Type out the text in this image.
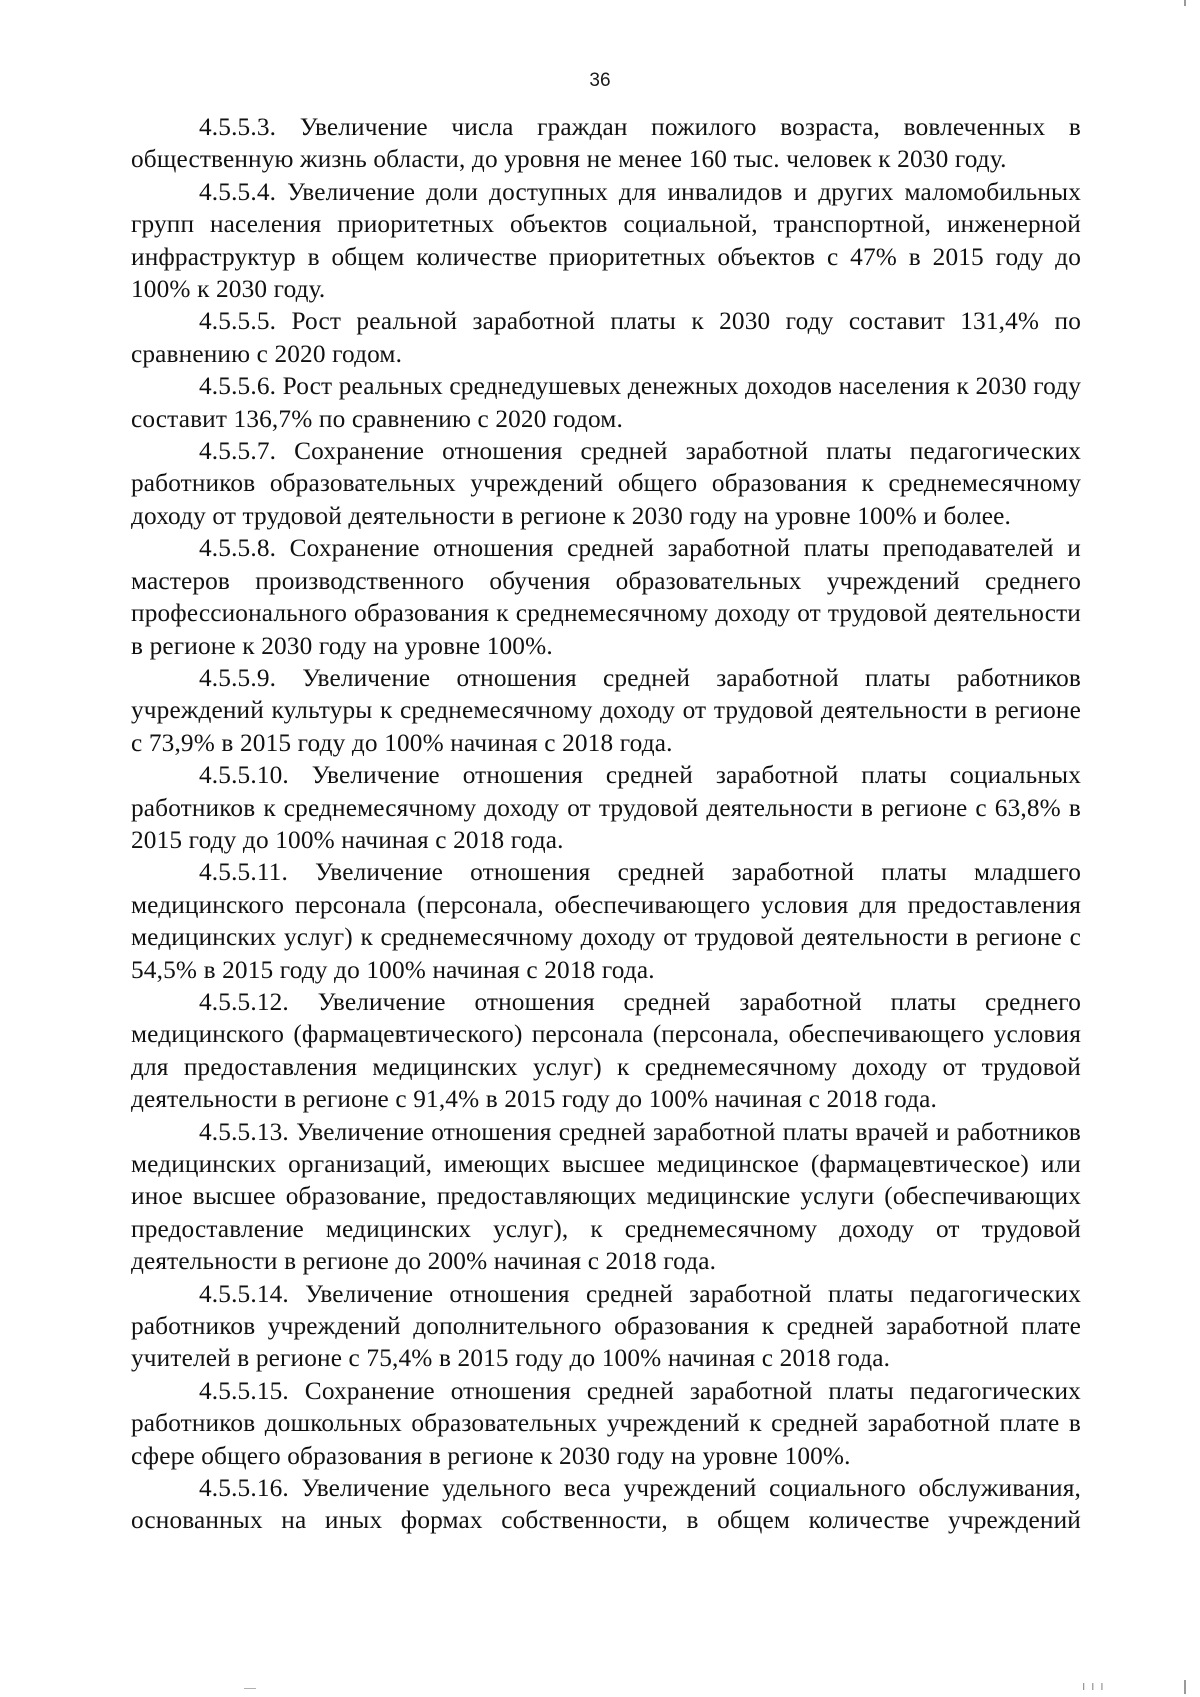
36

4.5.5.3. Увеличение числа граждан пожилого возраста, вовлеченных в общественную жизнь области, до уровня не менее 160 тыс. человек к 2030 году.

4.5.5.4. Увеличение доли доступных для инвалидов и других маломобильных групп населения приоритетных объектов социальной, транспортной, инженерной инфраструктур в общем количестве приоритетных объектов с 47% в 2015 году до 100% к 2030 году.

4.5.5.5. Рост реальной заработной платы к 2030 году составит 131,4% по сравнению с 2020 годом.

4.5.5.6. Рост реальных среднедушевых денежных доходов населения к 2030 году составит 136,7% по сравнению с 2020 годом.

4.5.5.7. Сохранение отношения средней заработной платы педагогических работников образовательных учреждений общего образования к среднемесячному доходу от трудовой деятельности в регионе к 2030 году на уровне 100% и более.

4.5.5.8. Сохранение отношения средней заработной платы преподавателей и мастеров производственного обучения образовательных учреждений среднего профессионального образования к среднемесячному доходу от трудовой деятельности в регионе к 2030 году на уровне 100%.

4.5.5.9. Увеличение отношения средней заработной платы работников учреждений культуры к среднемесячному доходу от трудовой деятельности в регионе с 73,9% в 2015 году до 100% начиная с 2018 года.

4.5.5.10. Увеличение отношения средней заработной платы социальных работников к среднемесячному доходу от трудовой деятельности в регионе с 63,8% в 2015 году до 100% начиная с 2018 года.

4.5.5.11. Увеличение отношения средней заработной платы младшего медицинского персонала (персонала, обеспечивающего условия для предоставления медицинских услуг) к среднемесячному доходу от трудовой деятельности в регионе с 54,5% в 2015 году до 100% начиная с 2018 года.

4.5.5.12. Увеличение отношения средней заработной платы среднего медицинского (фармацевтического) персонала (персонала, обеспечивающего условия для предоставления медицинских услуг) к среднемесячному доходу от трудовой деятельности в регионе с 91,4% в 2015 году до 100% начиная с 2018 года.

4.5.5.13. Увеличение отношения средней заработной платы врачей и работников медицинских организаций, имеющих высшее медицинское (фармацевтическое) или иное высшее образование, предоставляющих медицинские услуги (обеспечивающих предоставление медицинских услуг), к среднемесячному доходу от трудовой деятельности в регионе до 200% начиная с 2018 года.

4.5.5.14. Увеличение отношения средней заработной платы педагогических работников учреждений дополнительного образования к средней заработной плате учителей в регионе с 75,4% в 2015 году до 100% начиная с 2018 года.

4.5.5.15. Сохранение отношения средней заработной платы педагогических работников дошкольных образовательных учреждений к средней заработной плате в сфере общего образования в регионе к 2030 году на уровне 100%.

4.5.5.16. Увеличение удельного веса учреждений социального обслуживания, основанных на иных формах собственности, в общем количестве учреждений

ı ı ı
